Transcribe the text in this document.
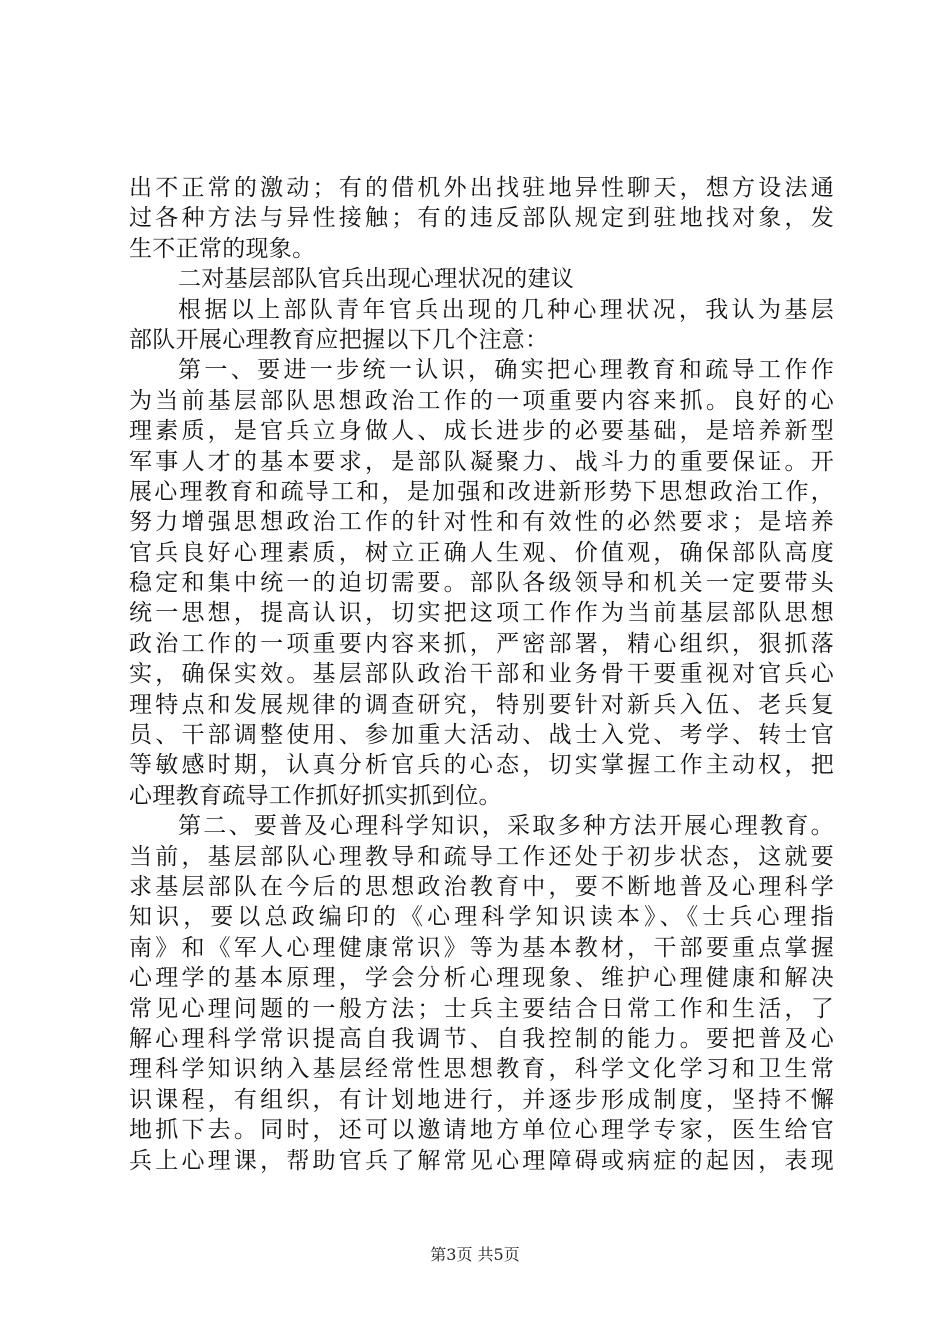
出不正常的激动；有的借机外出找驻地异性聊天，想方设法通
过各种方法与异性接触；有的违反部队规定到驻地找对象，发
生不正常的现象。
二对基层部队官兵出现心理状况的建议
根据以上部队青年官兵出现的几种心理状况，我认为基层
部队开展心理教育应把握以下几个注意：
第一、要进一步统一认识，确实把心理教育和疏导工作作
为当前基层部队思想政治工作的一项重要内容来抓。良好的心
理素质，是官兵立身做人、成长进步的必要基础，是培养新型
军事人才的基本要求，是部队凝聚力、战斗力的重要保证。开
展心理教育和疏导工和，是加强和改进新形势下思想政治工作，
努力增强思想政治工作的针对性和有效性的必然要求；是培养
官兵良好心理素质，树立正确人生观、价值观，确保部队高度
稳定和集中统一的迫切需要。部队各级领导和机关一定要带头
统一思想，提高认识，切实把这项工作作为当前基层部队思想
政治工作的一项重要内容来抓，严密部署，精心组织，狠抓落
实，确保实效。基层部队政治干部和业务骨干要重视对官兵心
理特点和发展规律的调查研究，特别要针对新兵入伍、老兵复
员、干部调整使用、参加重大活动、战士入党、考学、转士官
等敏感时期，认真分析官兵的心态，切实掌握工作主动权，把
心理教育疏导工作抓好抓实抓到位。
第二、要普及心理科学知识，采取多种方法开展心理教育。
当前，基层部队心理教导和疏导工作还处于初步状态，这就要
求基层部队在今后的思想政治教育中，要不断地普及心理科学
知识，要以总政编印的《心理科学知识读本》、《士兵心理指
南》和《军人心理健康常识》等为基本教材，干部要重点掌握
心理学的基本原理，学会分析心理现象、维护心理健康和解决
常见心理问题的一般方法；士兵主要结合日常工作和生活，了
解心理科学常识提高自我调节、自我控制的能力。要把普及心
理科学知识纳入基层经常性思想教育，科学文化学习和卫生常
识课程，有组织，有计划地进行，并逐步形成制度，坚持不懈
地抓下去。同时，还可以邀请地方单位心理学专家，医生给官
兵上心理课，帮助官兵了解常见心理障碍或病症的起因，表现
第3页 共5页
